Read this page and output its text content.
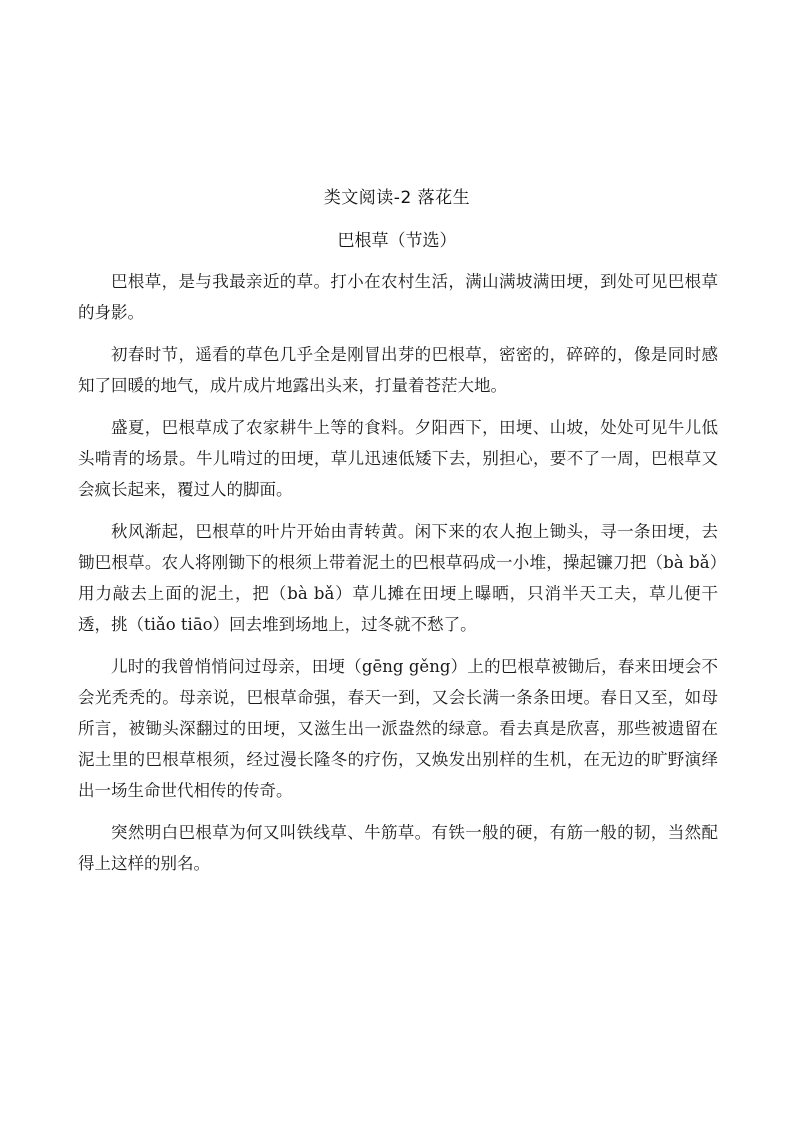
类文阅读-2 落花生
巴根草（节选）

巴根草，是与我最亲近的草。打小在农村生活，满山满坡满田埂，到处可见巴根草的身影。

初春时节，遥看的草色几乎全是刚冒出芽的巴根草，密密的，碎碎的，像是同时感知了回暖的地气，成片成片地露出头来，打量着苍茫大地。

盛夏，巴根草成了农家耕牛上等的食料。夕阳西下，田埂、山坡，处处可见牛儿低头啃青的场景。牛儿啃过的田埂，草儿迅速低矮下去，别担心，要不了一周，巴根草又会疯长起来，覆过人的脚面。

秋风渐起，巴根草的叶片开始由青转黄。闲下来的农人抱上锄头，寻一条田埂，去锄巴根草。农人将刚锄下的根须上带着泥土的巴根草码成一小堆，操起镰刀把（bà bǎ）用力敲去上面的泥土，把（bà bǎ）草儿摊在田埂上曝晒，只消半天工夫，草儿便干透，挑（tiǎo tiāo）回去堆到场地上，过冬就不愁了。

儿时的我曾悄悄问过母亲，田埂（gēng gěng）上的巴根草被锄后，春来田埂会不会光秃秃的。母亲说，巴根草命强，春天一到，又会长满一条条田埂。春日又至，如母所言，被锄头深翻过的田埂，又滋生出一派盎然的绿意。看去真是欣喜，那些被遗留在泥土里的巴根草根须，经过漫长隆冬的疗伤，又焕发出别样的生机，在无边的旷野演绎出一场生命世代相传的传奇。

突然明白巴根草为何又叫铁线草、牛筋草。有铁一般的硬，有筋一般的韧，当然配得上这样的别名。
